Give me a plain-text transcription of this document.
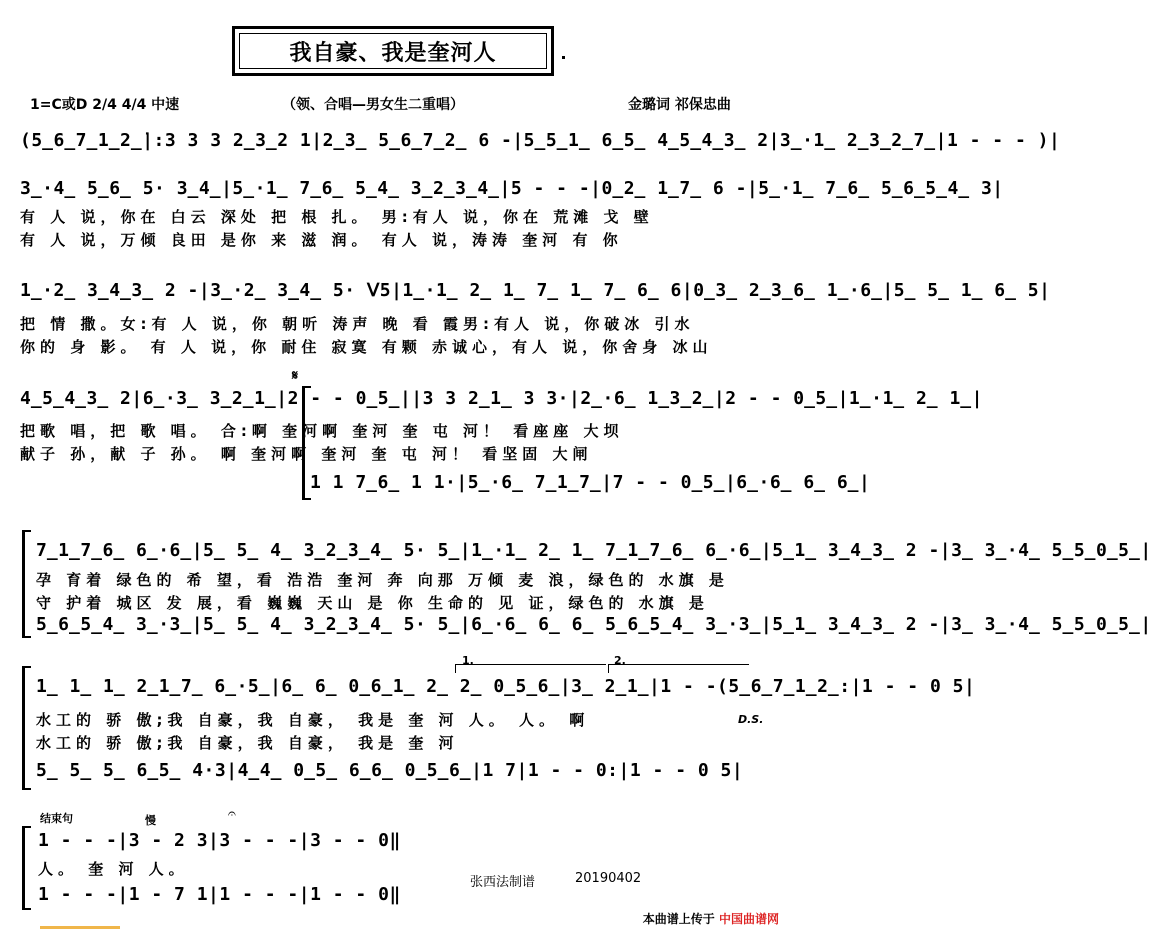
我自豪、我是奎河人
1=C或D 2/4 4/4 中速	（领、合唱—男女生二重唱）	金璐词 祁保忠曲
(5̲6̲7̲1̲2̲̇|:3 3 3 2̲3̲2 1|2̲3̲ 5̲6̲7̲2̲ 6 -|5̲5̲1̲ 6̲5̲ 4̲5̲4̲3̲ 2|3̲·1̲ 2̲3̲2̲7̲|1 - - - )|
3̲·4̲ 5̲6̲ 5· 3̲4̲|5̲·1̲ 7̲6̲ 5̲4̲ 3̲2̲3̲4̲|5 - - -|0̲2̲ 1̲7̲ 6 -|5̲·1̲ 7̲6̲ 5̲6̲5̲4̲ 3|
有 人 说，你在 白云 深处 把 根 扎。 男:有人 说，你在 荒滩 戈 壁
有 人 说，万倾 良田 是你 来 滋 润。 有人 说，涛涛 奎河 有 你
1̲·2̲ 3̲4̲3̲ 2 -|3̲·2̲ 3̲4̲ 5· ᐯ5|1̲·1̲ 2̲ 1̲ 7̲ 1̲ 7̲ 6̲ 6|0̲3̲ 2̲3̲6̲ 1̲·6̲|5̲ 5̲ 1̲ 6̲ 5|
把 情 撒。女:有 人 说，你 朝听 涛声 晚 看 霞男:有人 说，你破冰 引水
你的 身 影。 有 人 说，你 耐住 寂寞 有颗 赤诚心，有人 说，你舍身 冰山
4̲5̲4̲3̲ 2|6̲·3̲ 3̲2̲1̲|2 - - 0̲5̲||3 3 2̲1̲ 3 3·|2̲·6̲ 1̲3̲2̲|2 - - 0̲5̲|1̲·1̲ 2̲ 1̲|
把歌 唱，把 歌 唱。 合:啊 奎河啊 奎河 奎 屯 河！ 看座座 大坝
献子 孙，献 子 孙。 啊 奎河啊 奎河 奎 屯 河！ 看坚固 大闸
1 1 7̲6̲ 1 1·|5̲·6̲ 7̲1̲7̲|7 - - 0̲5̲|6̲·6̲ 6̲ 6̲|
𝄋
7̲1̲7̲6̲ 6̲·6̲|5̲ 5̲ 4̲ 3̲2̲3̲4̲ 5· 5̲|1̲·1̲ 2̲ 1̲ 7̲1̲7̲6̲ 6̲·6̲|5̲1̲ 3̲4̲3̲ 2 -|3̲ 3̲·4̲ 5̲5̲0̲5̲|
孕 育着 绿色的 希 望，看 浩浩 奎河 奔 向那 万倾 麦 浪，绿色的 水旗 是
守 护着 城区 发 展，看 巍巍 天山 是 你 生命的 见 证，绿色的 水旗 是
5̲6̲5̲4̲ 3̲·3̲|5̲ 5̲ 4̲ 3̲2̲3̲4̲ 5· 5̲|6̲·6̲ 6̲ 6̲ 5̲6̲5̲4̲ 3̲·3̲|5̲1̲ 3̲4̲3̲ 2 -|3̲ 3̲·4̲ 5̲5̲0̲5̲|
1.	2.
1̲ 1̲ 1̲ 2̲1̲7̲ 6̲·5̲|6̲ 6̲ 0̲6̲1̲ 2̲ 2̲ 0̲5̲6̲|3̲ 2̲1̲|1 - -(5̲6̲7̲1̲2̲:|1 - - 0 5|
水工的 骄 傲;我 自豪，我 自豪， 我是 奎 河 人。 人。 啊	D.S.
水工的 骄 傲;我 自豪，我 自豪， 我是 奎 河
5̲ 5̲ 5̲ 6̲5̲ 4·3|4̲4̲ 0̲5̲ 6̲6̲ 0̲5̲6̲|1 7|1 - - 0:|1 - - 0 5|
结束句	慢	𝄐
1 - - -|3 - 2 3|3 - - -|3 - - 0‖
人。 奎 河 人。
1 - - -|1 - 7 1|1 - - -|1 - - 0‖
张西法制谱	20190402
本曲谱上传于 中国曲谱网
